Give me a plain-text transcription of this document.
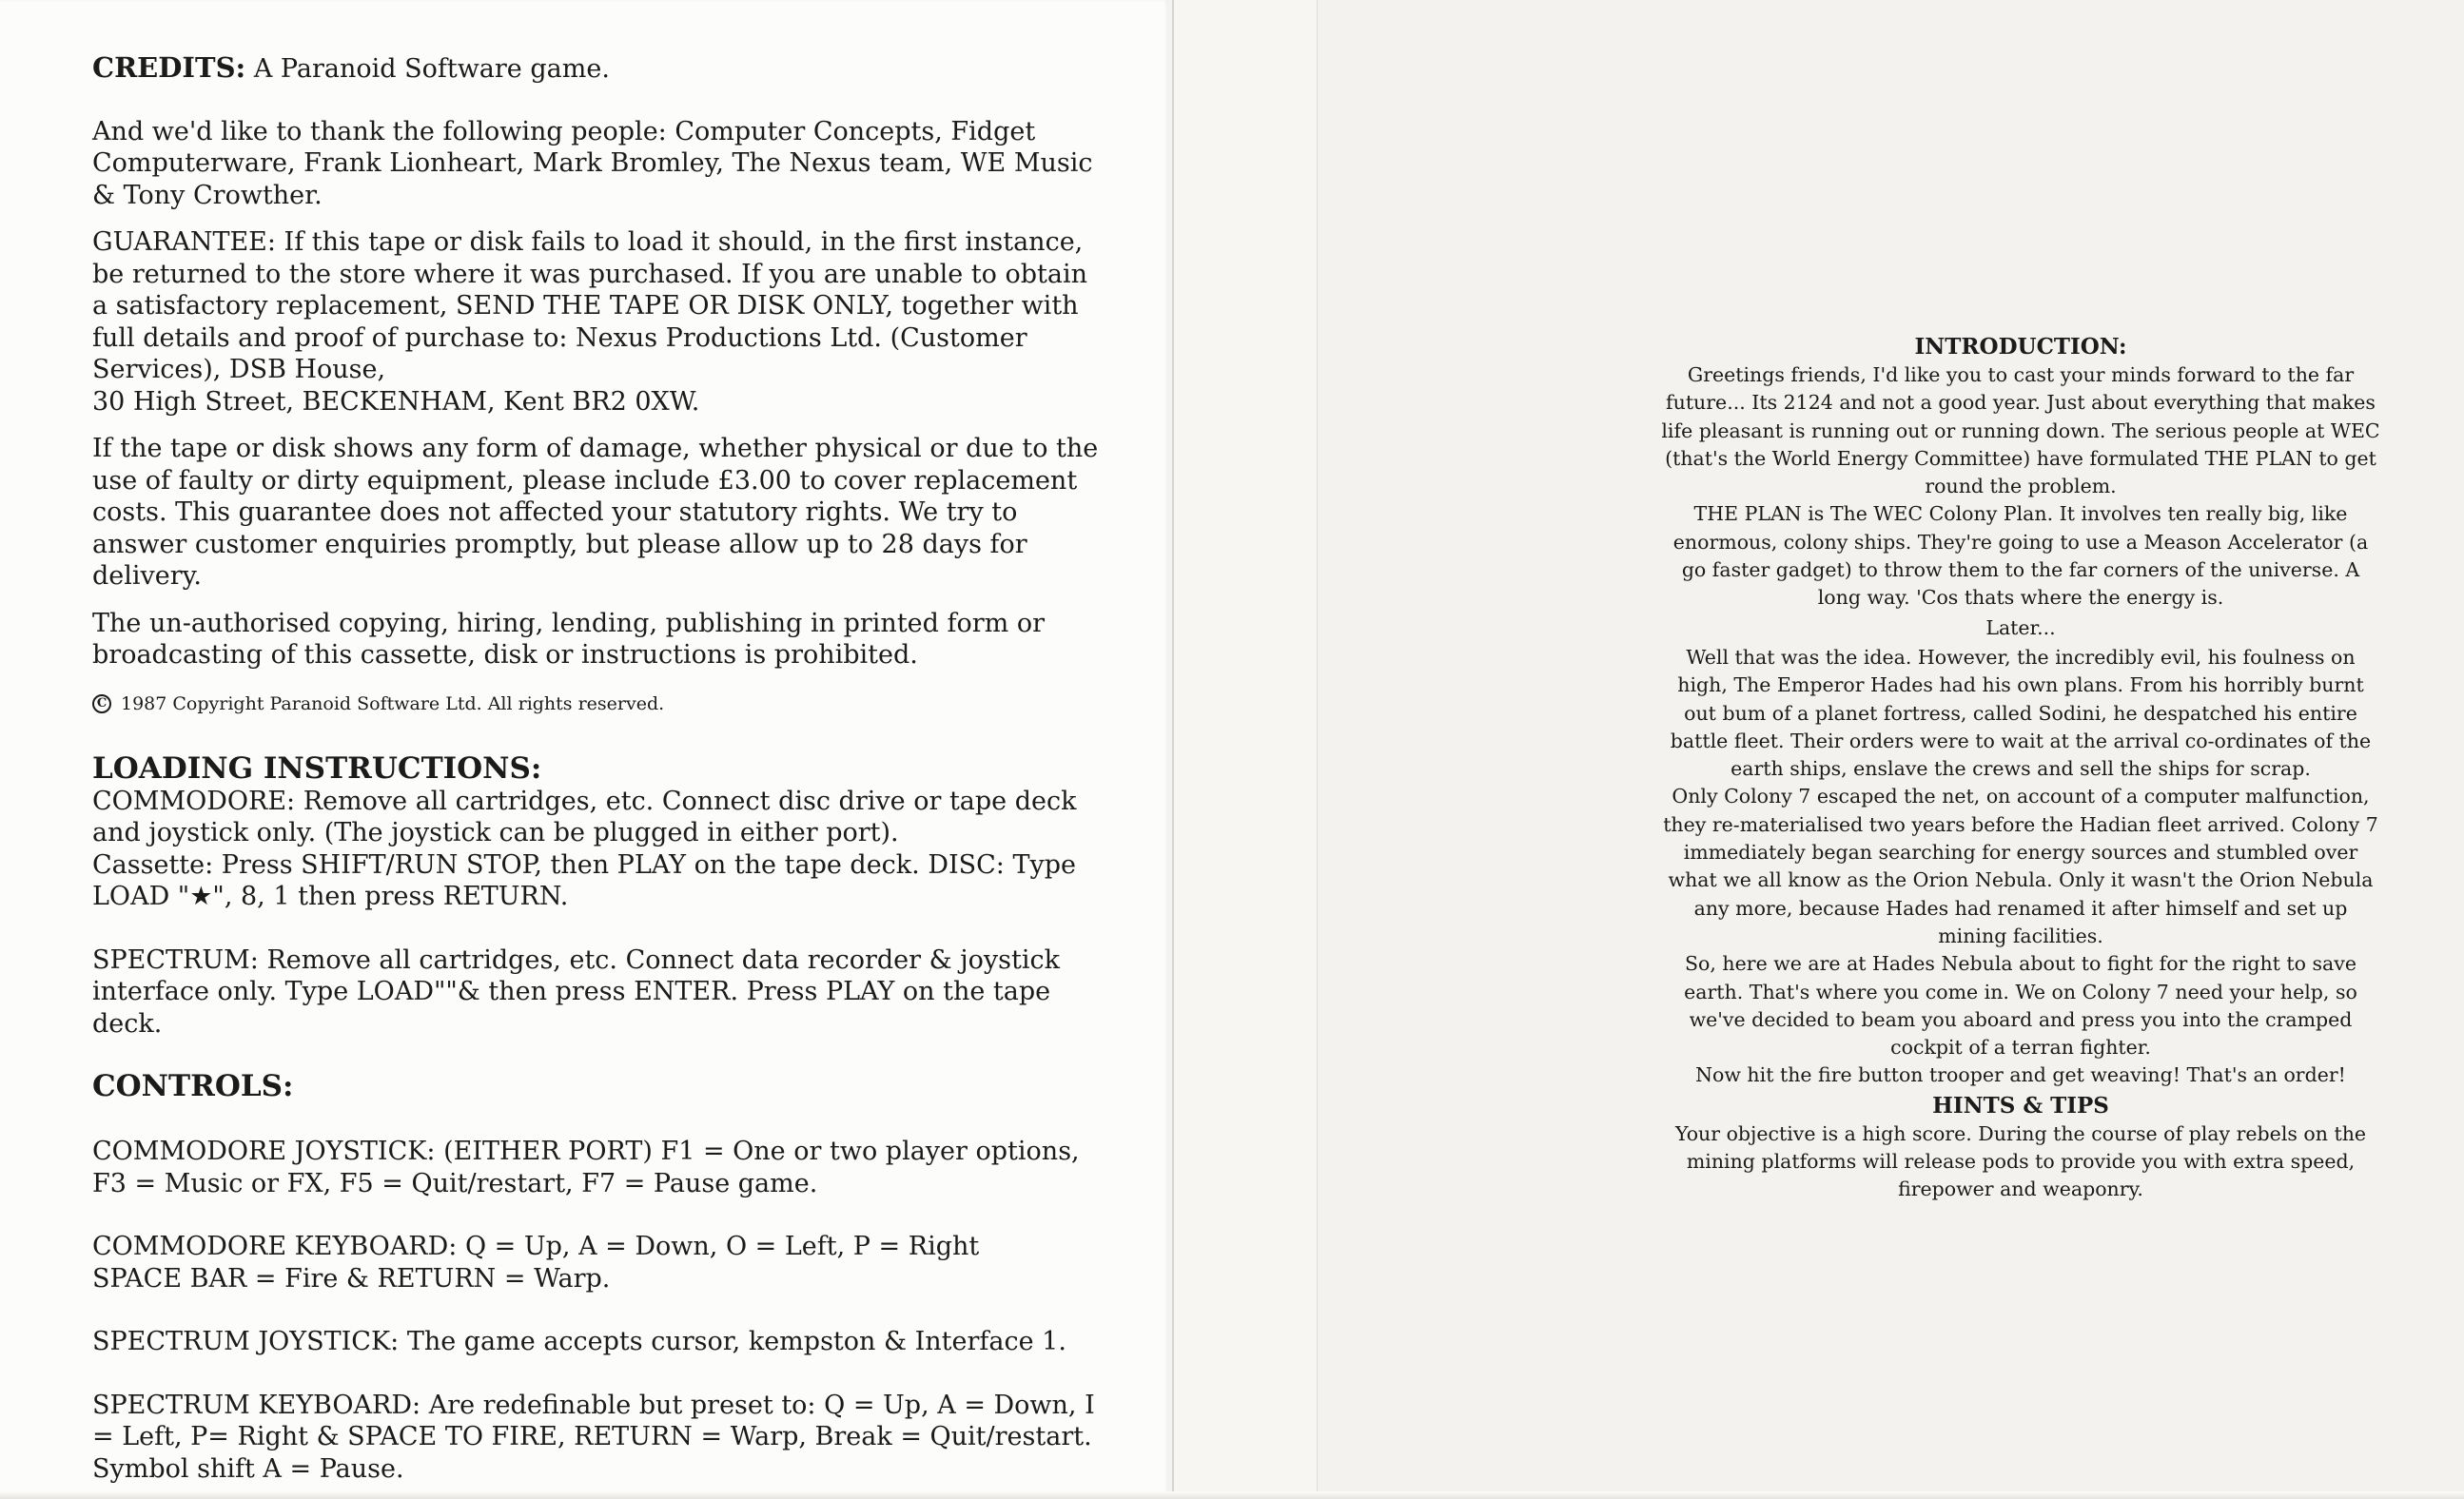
CREDITS: A Paranoid Software game.

And we'd like to thank the following people: Computer Concepts, Fidget Computerware, Frank Lionheart, Mark Bromley, The Nexus team, WE Music & Tony Crowther.

GUARANTEE: If this tape or disk fails to load it should, in the first instance, be returned to the store where it was purchased. If you are unable to obtain a satisfactory replacement, SEND THE TAPE OR DISK ONLY, together with full details and proof of purchase to: Nexus Productions Ltd. (Customer Services), DSB House,

30 High Street, BECKENHAM, Kent BR2 0XW.

If the tape or disk shows any form of damage, whether physical or due to the use of faulty or dirty equipment, please include £3.00 to cover replacement costs. This guarantee does not affected your statutory rights. We try to answer customer enquiries promptly, but please allow up to 28 days for delivery.

The un-authorised copying, hiring, lending, publishing in printed form or broadcasting of this cassette, disk or instructions is prohibited.

C 1987 Copyright Paranoid Software Ltd. All rights reserved.

LOADING INSTRUCTIONS:

COMMODORE: Remove all cartridges, etc. Connect disc drive or tape deck and joystick only. (The joystick can be plugged in either port).

Cassette: Press SHIFT/RUN STOP, then PLAY on the tape deck. DISC: Type LOAD "★", 8, 1 then press RETURN.

SPECTRUM: Remove all cartridges, etc. Connect data recorder & joystick interface only. Type LOAD""& then press ENTER. Press PLAY on the tape deck.

CONTROLS:

COMMODORE JOYSTICK: (EITHER PORT) F1 = One or two player options, F3 = Music or FX, F5 = Quit/restart, F7 = Pause game.

COMMODORE KEYBOARD: Q = Up, A = Down, O = Left, P = Right

SPACE BAR = Fire & RETURN = Warp.

SPECTRUM JOYSTICK: The game accepts cursor, kempston & Interface 1.

SPECTRUM KEYBOARD: Are redefinable but preset to: Q = Up, A = Down, I = Left, P= Right & SPACE TO FIRE, RETURN = Warp, Break = Quit/restart. Symbol shift A = Pause.

INTRODUCTION:

Greetings friends, I'd like you to cast your minds forward to the far future... Its 2124 and not a good year. Just about everything that makes life pleasant is running out or running down. The serious people at WEC (that's the World Energy Committee) have formulated THE PLAN to get round the problem.

THE PLAN is The WEC Colony Plan. It involves ten really big, like enormous, colony ships. They're going to use a Meason Accelerator (a go faster gadget) to throw them to the far corners of the universe. A long way. 'Cos thats where the energy is.

Later...

Well that was the idea. However, the incredibly evil, his foulness on high, The Emperor Hades had his own plans. From his horribly burnt out bum of a planet fortress, called Sodini, he despatched his entire battle fleet. Their orders were to wait at the arrival co-ordinates of the earth ships, enslave the crews and sell the ships for scrap.

Only Colony 7 escaped the net, on account of a computer malfunction, they re-materialised two years before the Hadian fleet arrived. Colony 7 immediately began searching for energy sources and stumbled over what we all know as the Orion Nebula. Only it wasn't the Orion Nebula any more, because Hades had renamed it after himself and set up mining facilities.

So, here we are at Hades Nebula about to fight for the right to save earth. That's where you come in. We on Colony 7 need your help, so we've decided to beam you aboard and press you into the cramped cockpit of a terran fighter.

Now hit the fire button trooper and get weaving! That's an order!

HINTS & TIPS

Your objective is a high score. During the course of play rebels on the mining platforms will release pods to provide you with extra speed, firepower and weaponry.
